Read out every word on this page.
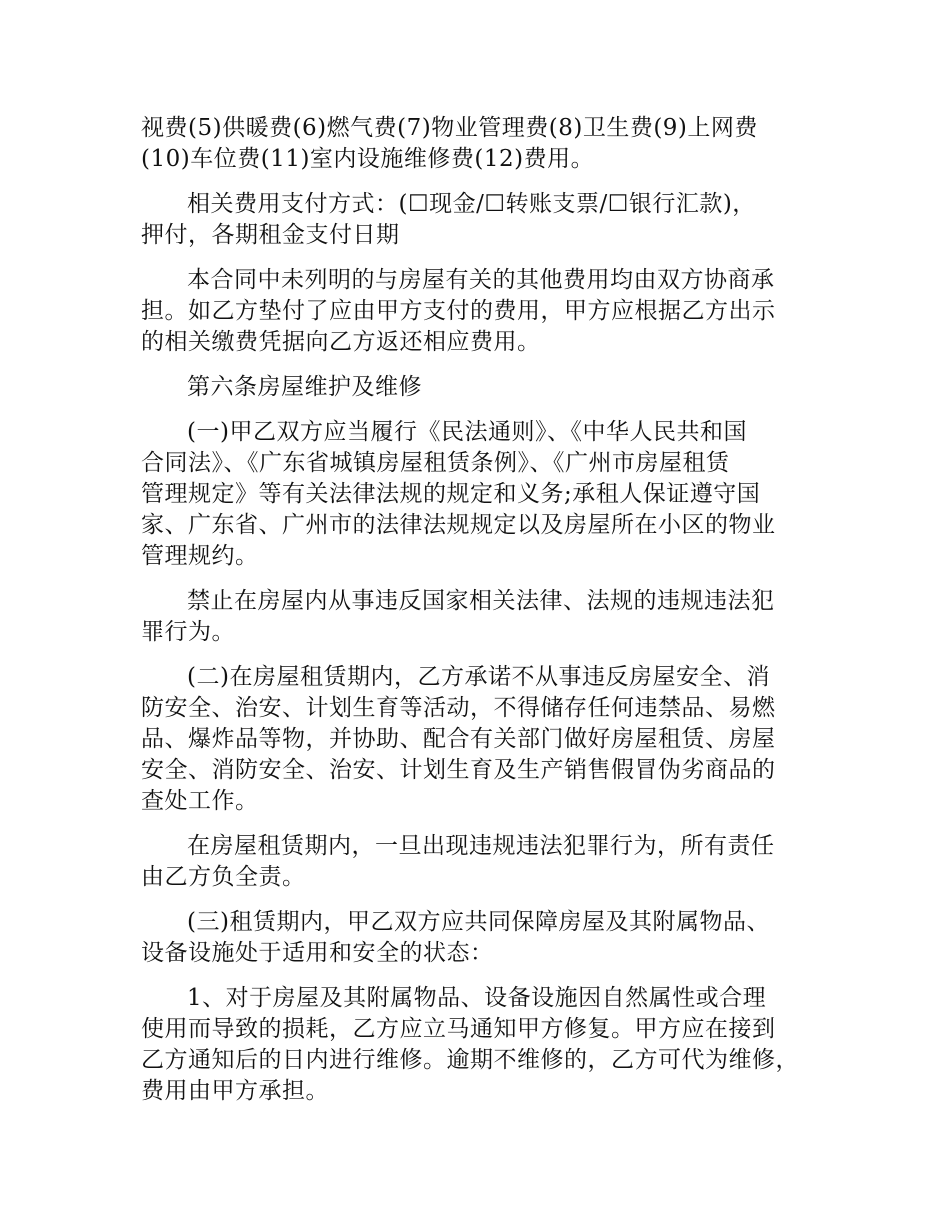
视费(5)供暖费(6)燃气费(7)物业管理费(8)卫生费(9)上网费
(10)车位费(11)室内设施维修费(12)费用。

相关费用支付方式：(☐现金/☐转账支票/☐银行汇款)，
押付，各期租金支付日期

本合同中未列明的与房屋有关的其他费用均由双方协商承
担。如乙方垫付了应由甲方支付的费用，甲方应根据乙方出示
的相关缴费凭据向乙方返还相应费用。

第六条房屋维护及维修

(一)甲乙双方应当履行《民法通则》、《中华人民共和国
合同法》、《广东省城镇房屋租赁条例》、《广州市房屋租赁
管理规定》等有关法律法规的规定和义务;承租人保证遵守国
家、广东省、广州市的法律法规规定以及房屋所在小区的物业
管理规约。

禁止在房屋内从事违反国家相关法律、法规的违规违法犯
罪行为。

(二)在房屋租赁期内，乙方承诺不从事违反房屋安全、消
防安全、治安、计划生育等活动，不得储存任何违禁品、易燃
品、爆炸品等物，并协助、配合有关部门做好房屋租赁、房屋
安全、消防安全、治安、计划生育及生产销售假冒伪劣商品的
查处工作。

在房屋租赁期内，一旦出现违规违法犯罪行为，所有责任
由乙方负全责。

(三)租赁期内，甲乙双方应共同保障房屋及其附属物品、
设备设施处于适用和安全的状态：

1、对于房屋及其附属物品、设备设施因自然属性或合理
使用而导致的损耗，乙方应立马通知甲方修复。甲方应在接到
乙方通知后的日内进行维修。逾期不维修的，乙方可代为维修，
费用由甲方承担。
